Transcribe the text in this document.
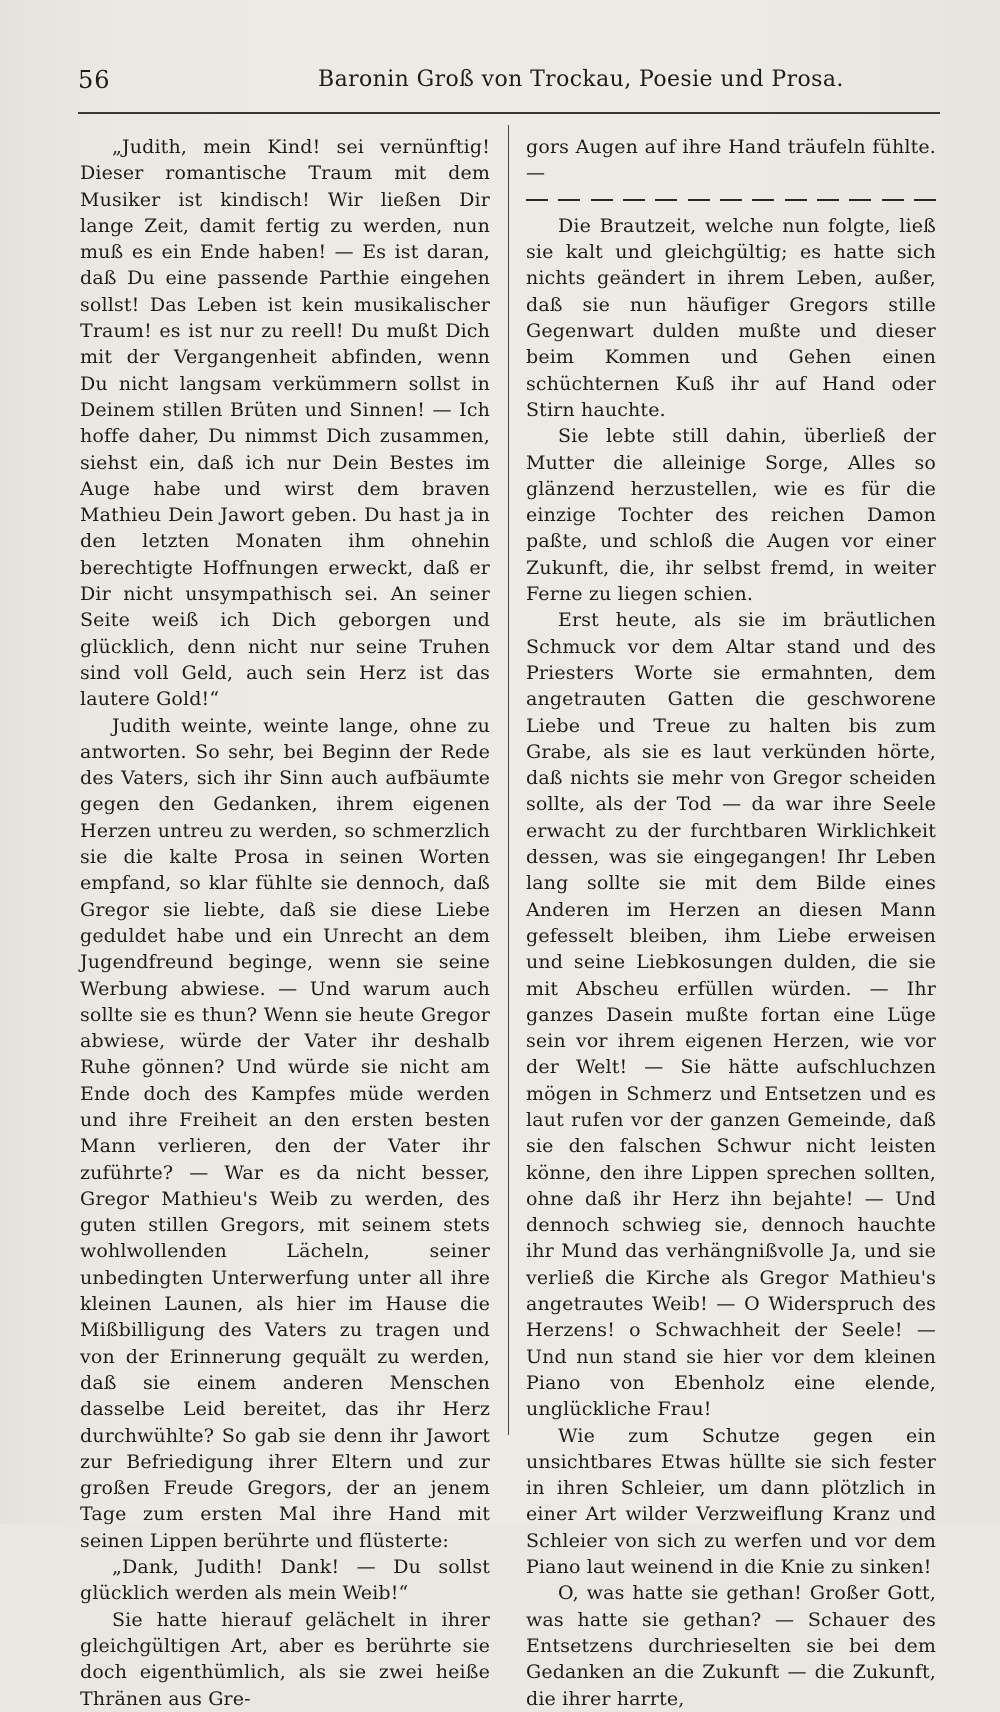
56	Baronin Groß von Trockau, Poesie und Prosa.

„Judith, mein Kind! sei vernünftig! Dieser romantische Traum mit dem Musiker ist kindisch! Wir ließen Dir lange Zeit, damit fertig zu werden, nun muß es ein Ende haben! — Es ist daran, daß Du eine passende Parthie eingehen sollst! Das Leben ist kein musikalischer Traum! es ist nur zu reell! Du mußt Dich mit der Vergangenheit abfinden, wenn Du nicht langsam verkümmern sollst in Deinem stillen Brüten und Sinnen! — Ich hoffe daher, Du nimmst Dich zusammen, siehst ein, daß ich nur Dein Bestes im Auge habe und wirst dem braven Mathieu Dein Jawort geben. Du hast ja in den letzten Monaten ihm ohnehin berechtigte Hoffnungen erweckt, daß er Dir nicht unsympathisch sei. An seiner Seite weiß ich Dich geborgen und glücklich, denn nicht nur seine Truhen sind voll Geld, auch sein Herz ist das lautere Gold!“

Judith weinte, weinte lange, ohne zu antworten. So sehr, bei Beginn der Rede des Vaters, sich ihr Sinn auch aufbäumte gegen den Gedanken, ihrem eigenen Herzen untreu zu werden, so schmerzlich sie die kalte Prosa in seinen Worten empfand, so klar fühlte sie dennoch, daß Gregor sie liebte, daß sie diese Liebe geduldet habe und ein Unrecht an dem Jugendfreund beginge, wenn sie seine Werbung abwiese. — Und warum auch sollte sie es thun? Wenn sie heute Gregor abwiese, würde der Vater ihr deshalb Ruhe gönnen? Und würde sie nicht am Ende doch des Kampfes müde werden und ihre Freiheit an den ersten besten Mann verlieren, den der Vater ihr zuführte? — War es da nicht besser, Gregor Mathieu's Weib zu werden, des guten stillen Gregors, mit seinem stets wohlwollenden Lächeln, seiner unbedingten Unterwerfung unter all ihre kleinen Launen, als hier im Hause die Mißbilligung des Vaters zu tragen und von der Erinnerung gequält zu werden, daß sie einem anderen Menschen dasselbe Leid bereitet, das ihr Herz durchwühlte? So gab sie denn ihr Jawort zur Befriedigung ihrer Eltern und zur großen Freude Gregors, der an jenem Tage zum ersten Mal ihre Hand mit seinen Lippen berührte und flüsterte:

„Dank, Judith! Dank! — Du sollst glücklich werden als mein Weib!“

Sie hatte hierauf gelächelt in ihrer gleichgültigen Art, aber es berührte sie doch eigenthümlich, als sie zwei heiße Thränen aus Gre-

gors Augen auf ihre Hand träufeln fühlte. —

Die Brautzeit, welche nun folgte, ließ sie kalt und gleichgültig; es hatte sich nichts geändert in ihrem Leben, außer, daß sie nun häufiger Gregors stille Gegenwart dulden mußte und dieser beim Kommen und Gehen einen schüchternen Kuß ihr auf Hand oder Stirn hauchte.

Sie lebte still dahin, überließ der Mutter die alleinige Sorge, Alles so glänzend herzustellen, wie es für die einzige Tochter des reichen Damon paßte, und schloß die Augen vor einer Zukunft, die, ihr selbst fremd, in weiter Ferne zu liegen schien.

Erst heute, als sie im bräutlichen Schmuck vor dem Altar stand und des Priesters Worte sie ermahnten, dem angetrauten Gatten die geschworene Liebe und Treue zu halten bis zum Grabe, als sie es laut verkünden hörte, daß nichts sie mehr von Gregor scheiden sollte, als der Tod — da war ihre Seele erwacht zu der furchtbaren Wirklichkeit dessen, was sie eingegangen! Ihr Leben lang sollte sie mit dem Bilde eines Anderen im Herzen an diesen Mann gefesselt bleiben, ihm Liebe erweisen und seine Liebkosungen dulden, die sie mit Abscheu erfüllen würden. — Ihr ganzes Dasein mußte fortan eine Lüge sein vor ihrem eigenen Herzen, wie vor der Welt! — Sie hätte aufschluchzen mögen in Schmerz und Entsetzen und es laut rufen vor der ganzen Gemeinde, daß sie den falschen Schwur nicht leisten könne, den ihre Lippen sprechen sollten, ohne daß ihr Herz ihn bejahte! — Und dennoch schwieg sie, dennoch hauchte ihr Mund das verhängnißvolle Ja, und sie verließ die Kirche als Gregor Mathieu's angetrautes Weib! — O Widerspruch des Herzens! o Schwachheit der Seele! — Und nun stand sie hier vor dem kleinen Piano von Ebenholz eine elende, unglückliche Frau!

Wie zum Schutze gegen ein unsichtbares Etwas hüllte sie sich fester in ihren Schleier, um dann plötzlich in einer Art wilder Verzweiflung Kranz und Schleier von sich zu werfen und vor dem Piano laut weinend in die Knie zu sinken!

O, was hatte sie gethan! Großer Gott, was hatte sie gethan? — Schauer des Entsetzens durchrieselten sie bei dem Gedanken an die Zukunft — die Zukunft, die ihrer harrte,
